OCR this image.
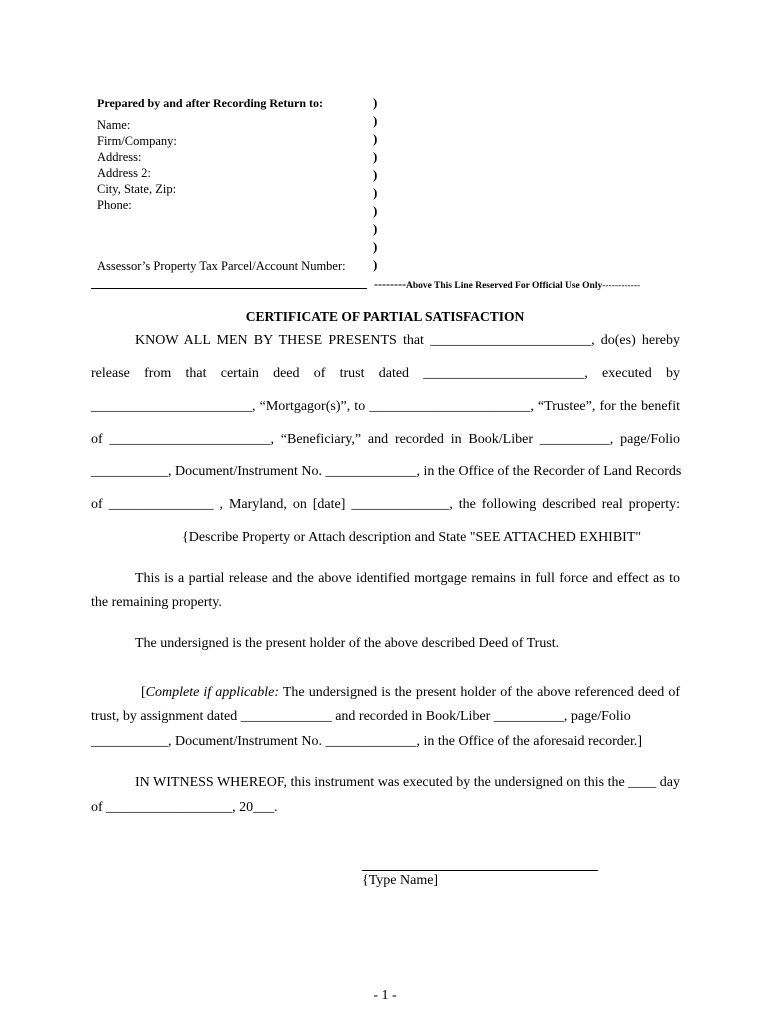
Prepared by and after Recording Return to:
Name:
Firm/Company:
Address:
Address 2:
City, State, Zip:
Phone:
)
)
)
)
)
)
)
)
)
)
Assessor’s Property Tax Parcel/Account Number:
--------Above This Line Reserved For Official Use Only------------
CERTIFICATE OF PARTIAL SATISFACTION
KNOW ALL MEN BY THESE PRESENTS that _______________________, do(es) hereby
release from that certain deed of trust dated _______________________, executed by
_______________________, “Mortgagor(s)”, to _______________________, “Trustee”, for the benefit
of _______________________, “Beneficiary,” and recorded in Book/Liber __________, page/Folio
___________, Document/Instrument No. _____________, in the Office of the Recorder of Land Records
of _______________ , Maryland, on [date] ______________, the following described real property:
{Describe Property or Attach description and State "SEE ATTACHED EXHIBIT"
This is a partial release and the above identified mortgage remains in full force and effect as to
the remaining property.
The undersigned is the present holder of the above described Deed of Trust.
[Complete if applicable: The undersigned is the present holder of the above referenced deed of
trust, by assignment dated _____________ and recorded in Book/Liber __________, page/Folio
___________, Document/Instrument No. _____________, in the Office of the aforesaid recorder.]
IN WITNESS WHEREOF, this instrument was executed by the undersigned on this the ____ day
of __________________, 20___.
{Type Name]
- 1 -
